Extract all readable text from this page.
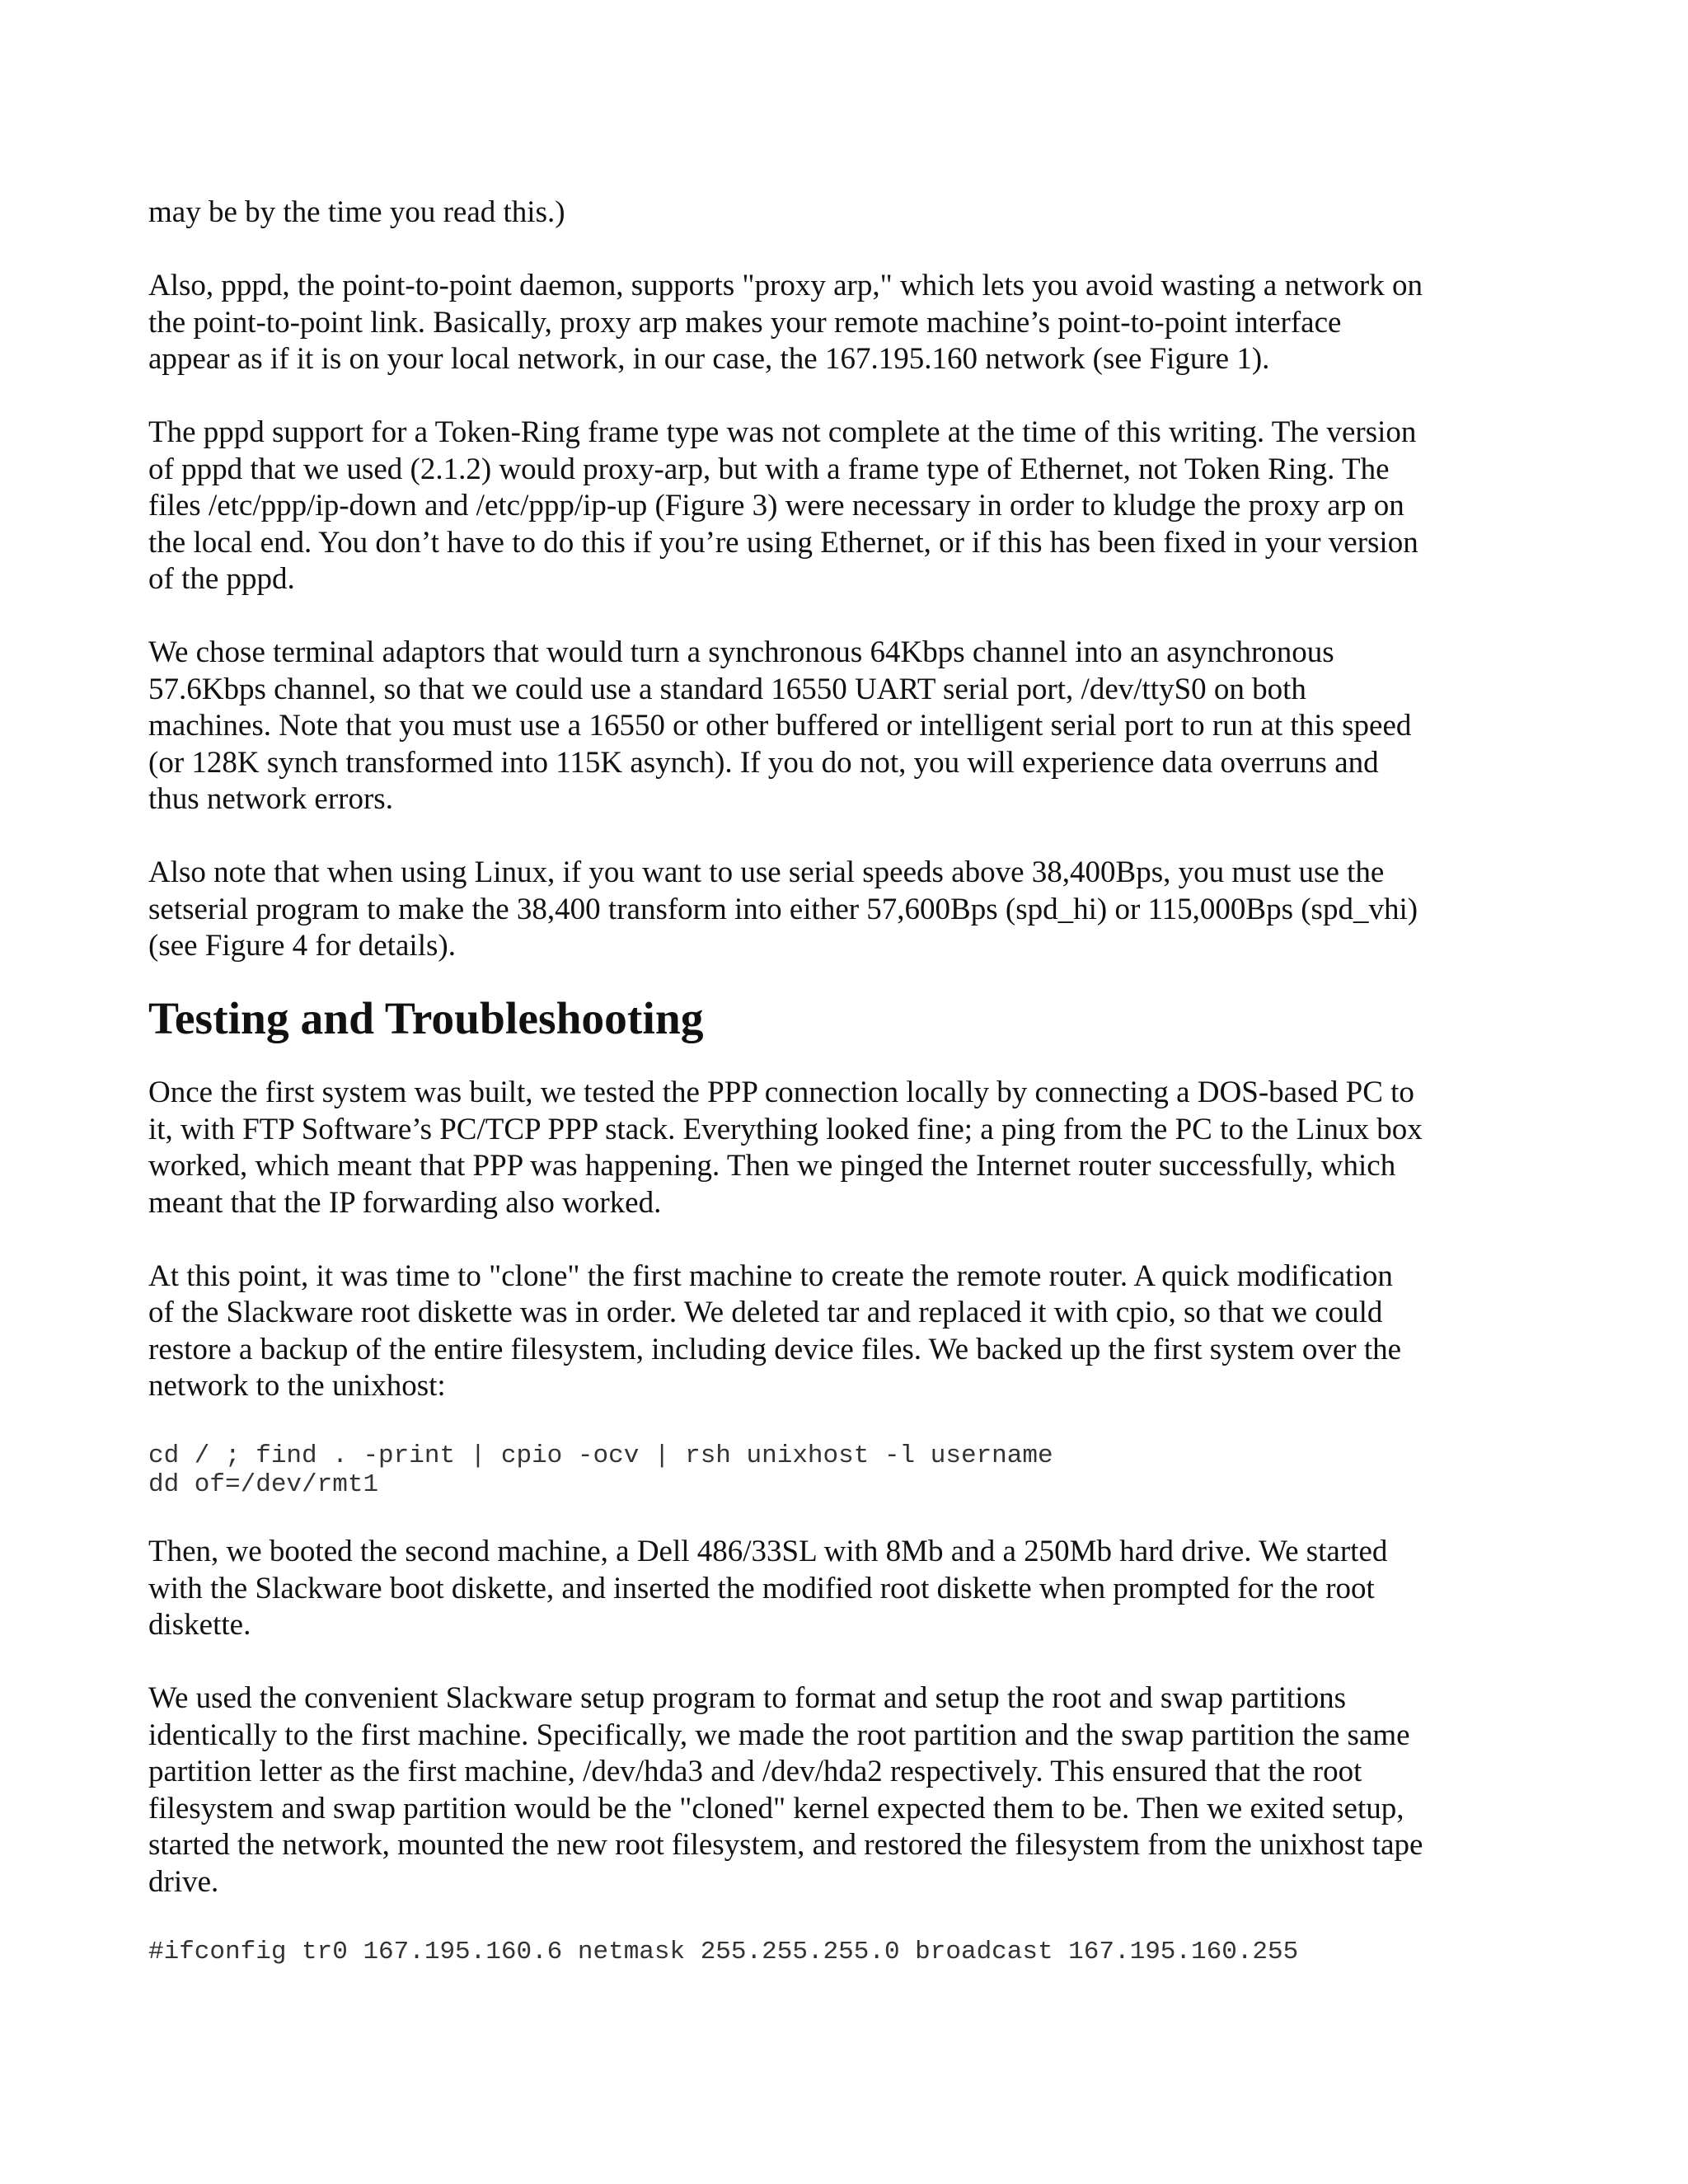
may be by the time you read this.)

Also, pppd, the point-to-point daemon, supports "proxy arp," which lets you avoid wasting a network on
the point-to-point link. Basically, proxy arp makes your remote machine’s point-to-point interface
appear as if it is on your local network, in our case, the 167.195.160 network (see Figure 1).

The pppd support for a Token-Ring frame type was not complete at the time of this writing. The version
of pppd that we used (2.1.2) would proxy-arp, but with a frame type of Ethernet, not Token Ring. The
files /etc/ppp/ip-down and /etc/ppp/ip-up (Figure 3) were necessary in order to kludge the proxy arp on
the local end. You don’t have to do this if you’re using Ethernet, or if this has been fixed in your version
of the pppd.

We chose terminal adaptors that would turn a synchronous 64Kbps channel into an asynchronous
57.6Kbps channel, so that we could use a standard 16550 UART serial port, /dev/ttyS0 on both
machines. Note that you must use a 16550 or other buffered or intelligent serial port to run at this speed
(or 128K synch transformed into 115K asynch). If you do not, you will experience data overruns and
thus network errors.

Also note that when using Linux, if you want to use serial speeds above 38,400Bps, you must use the
setserial program to make the 38,400 transform into either 57,600Bps (spd_hi) or 115,000Bps (spd_vhi)
(see Figure 4 for details).

Testing and Troubleshooting

Once the first system was built, we tested the PPP connection locally by connecting a DOS-based PC to
it, with FTP Software’s PC/TCP PPP stack. Everything looked fine; a ping from the PC to the Linux box
worked, which meant that PPP was happening. Then we pinged the Internet router successfully, which
meant that the IP forwarding also worked.

At this point, it was time to "clone" the first machine to create the remote router. A quick modification
of the Slackware root diskette was in order. We deleted tar and replaced it with cpio, so that we could
restore a backup of the entire filesystem, including device files. We backed up the first system over the
network to the unixhost:

cd / ; find . -print | cpio -ocv | rsh unixhost -l username
dd of=/dev/rmt1

Then, we booted the second machine, a Dell 486/33SL with 8Mb and a 250Mb hard drive. We started
with the Slackware boot diskette, and inserted the modified root diskette when prompted for the root
diskette.

We used the convenient Slackware setup program to format and setup the root and swap partitions
identically to the first machine. Specifically, we made the root partition and the swap partition the same
partition letter as the first machine, /dev/hda3 and /dev/hda2 respectively. This ensured that the root
filesystem and swap partition would be the "cloned" kernel expected them to be. Then we exited setup,
started the network, mounted the new root filesystem, and restored the filesystem from the unixhost tape
drive.

#ifconfig tr0 167.195.160.6 netmask 255.255.255.0 broadcast 167.195.160.255
